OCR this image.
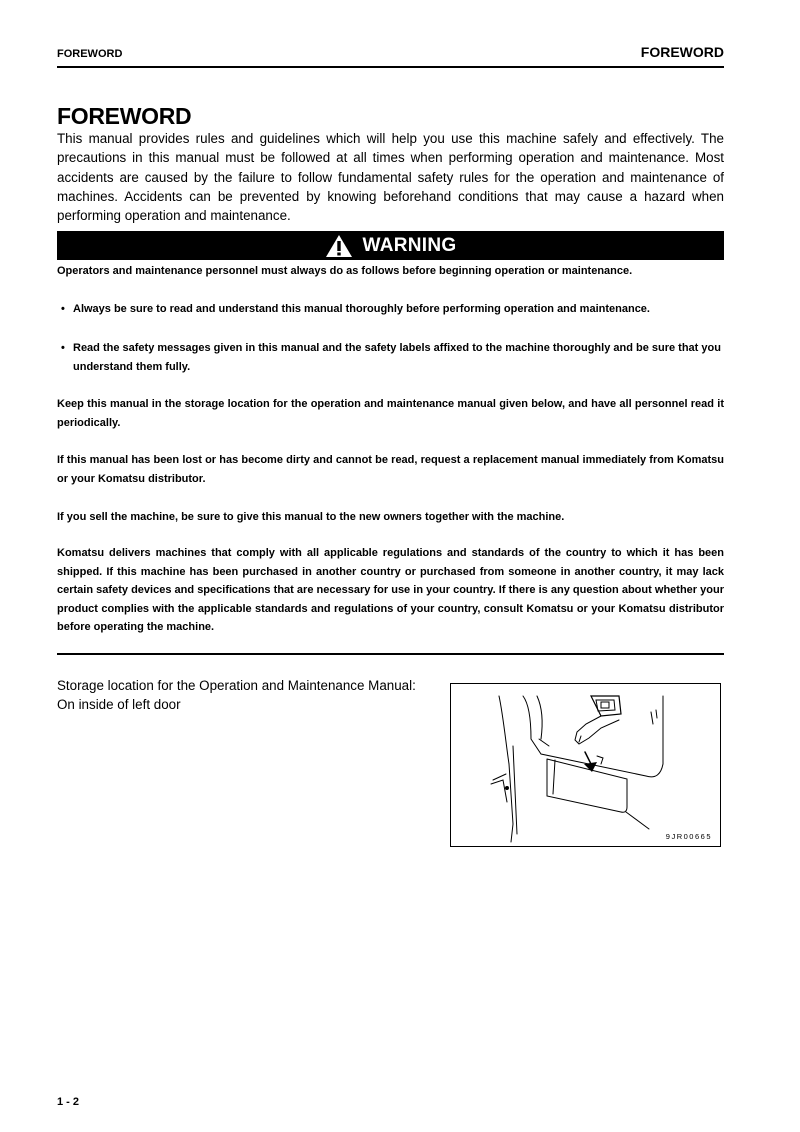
FOREWORD	FOREWORD
FOREWORD
This manual provides rules and guidelines which will help you use this machine safely and effectively. The precautions in this manual must be followed at all times when performing operation and maintenance. Most accidents are caused by the failure to follow fundamental safety rules for the operation and maintenance of machines. Accidents can be prevented by knowing beforehand conditions that may cause a hazard when performing operation and maintenance.
WARNING
Operators and maintenance personnel must always do as follows before beginning operation or maintenance.
• Always be sure to read and understand this manual thoroughly before performing operation and maintenance.
• Read the safety messages given in this manual and the safety labels affixed to the machine thoroughly and be sure that you understand them fully.
Keep this manual in the storage location for the operation and maintenance manual given below, and have all personnel read it periodically.
If this manual has been lost or has become dirty and cannot be read, request a replacement manual immediately from Komatsu or your Komatsu distributor.
If you sell the machine, be sure to give this manual to the new owners together with the machine.
Komatsu delivers machines that comply with all applicable regulations and standards of the country to which it has been shipped. If this machine has been purchased in another country or purchased from someone in another country, it may lack certain safety devices and specifications that are necessary for use in your country. If there is any question about whether your product complies with the applicable standards and regulations of your country, consult Komatsu or your Komatsu distributor before operating the machine.
Storage location for the Operation and Maintenance Manual:
On inside of left door
9JR00665
1 - 2
